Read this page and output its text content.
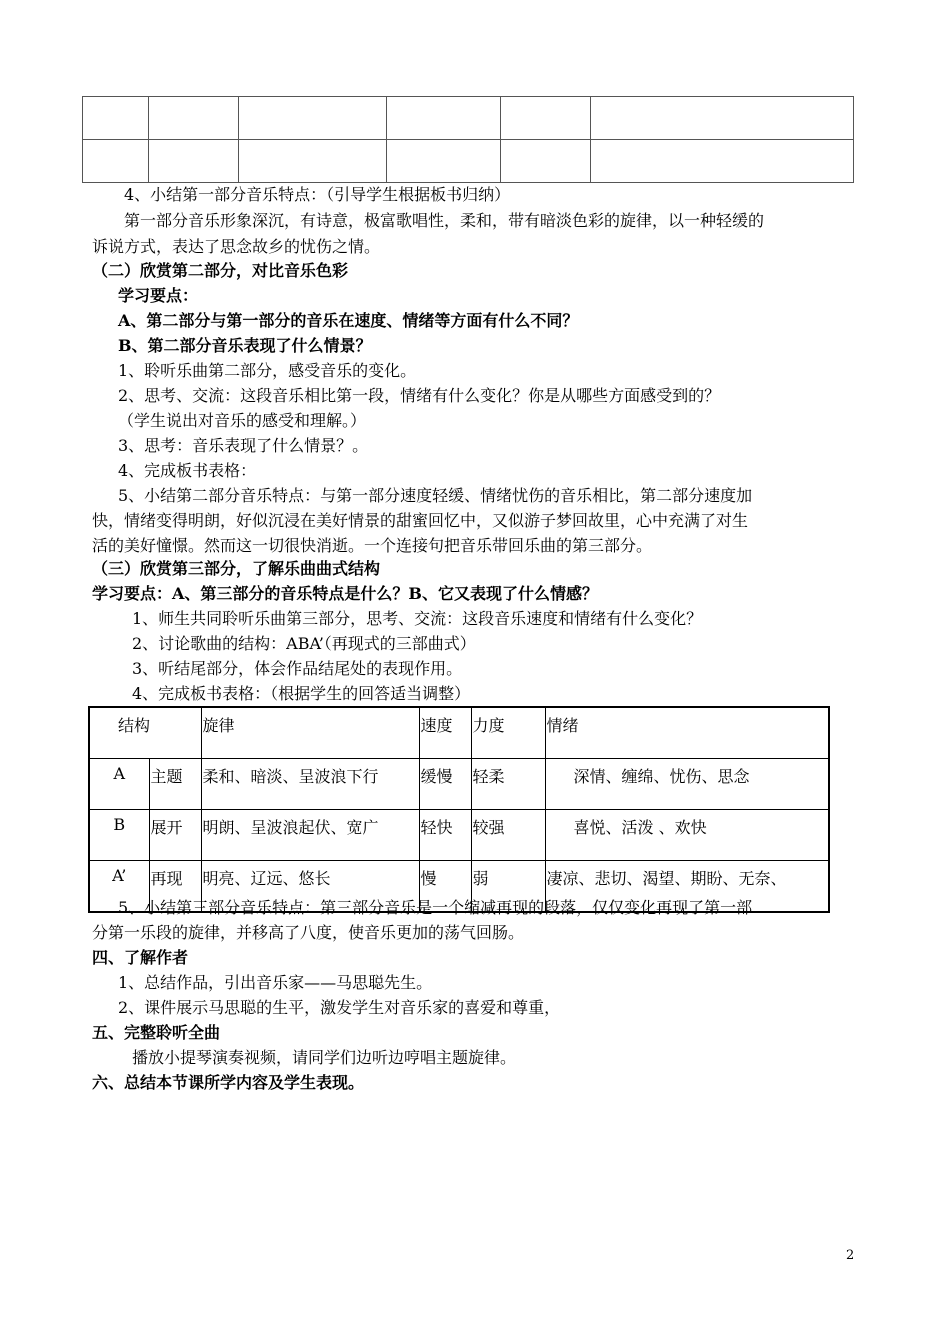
4、小结第一部分音乐特点：（引导学生根据板书归纳）
第一部分音乐形象深沉，有诗意，极富歌唱性，柔和，带有暗淡色彩的旋律，以一种轻缓的
诉说方式，表达了思念故乡的忧伤之情。
（二）欣赏第二部分，对比音乐色彩
学习要点：
A、第二部分与第一部分的音乐在速度、情绪等方面有什么不同？
B、第二部分音乐表现了什么情景？
1、聆听乐曲第二部分，感受音乐的变化。
2、思考、交流：这段音乐相比第一段，情绪有什么变化？你是从哪些方面感受到的？
（学生说出对音乐的感受和理解。）
3、思考：音乐表现了什么情景？。
4、完成板书表格：
5、小结第二部分音乐特点：与第一部分速度轻缓、情绪忧伤的音乐相比，第二部分速度加
快，情绪变得明朗，好似沉浸在美好情景的甜蜜回忆中，又似游子梦回故里，心中充满了对生
活的美好憧憬。然而这一切很快消逝。一个连接句把音乐带回乐曲的第三部分。
（三）欣赏第三部分，了解乐曲曲式结构
学习要点：A、第三部分的音乐特点是什么？B、它又表现了什么情感？
1、师生共同聆听乐曲第三部分，思考、交流：这段音乐速度和情绪有什么变化？
2、讨论歌曲的结构：ABA’（再现式的三部曲式）
3、听结尾部分，体会作品结尾处的表现作用。
4、完成板书表格：（根据学生的回答适当调整）
结构		旋律	速度	力度	情绪
A	主题	柔和、暗淡、呈波浪下行	缓慢	轻柔	深情、缠绵、忧伤、思念
B	展开	明朗、呈波浪起伏、宽广	轻快	较强	喜悦、活泼 、欢快
A’	再现	明亮、辽远、悠长	慢	弱	凄凉、悲切、渴望、期盼、无奈、
5、小结第三部分音乐特点：第三部分音乐是一个缩减再现的段落，仅仅变化再现了第一部
分第一乐段的旋律，并移高了八度，使音乐更加的荡气回肠。
四、了解作者
1、总结作品，引出音乐家——马思聪先生。
2、课件展示马思聪的生平，激发学生对音乐家的喜爱和尊重，
五、完整聆听全曲
播放小提琴演奏视频，请同学们边听边哼唱主题旋律。
六、总结本节课所学内容及学生表现。
2
